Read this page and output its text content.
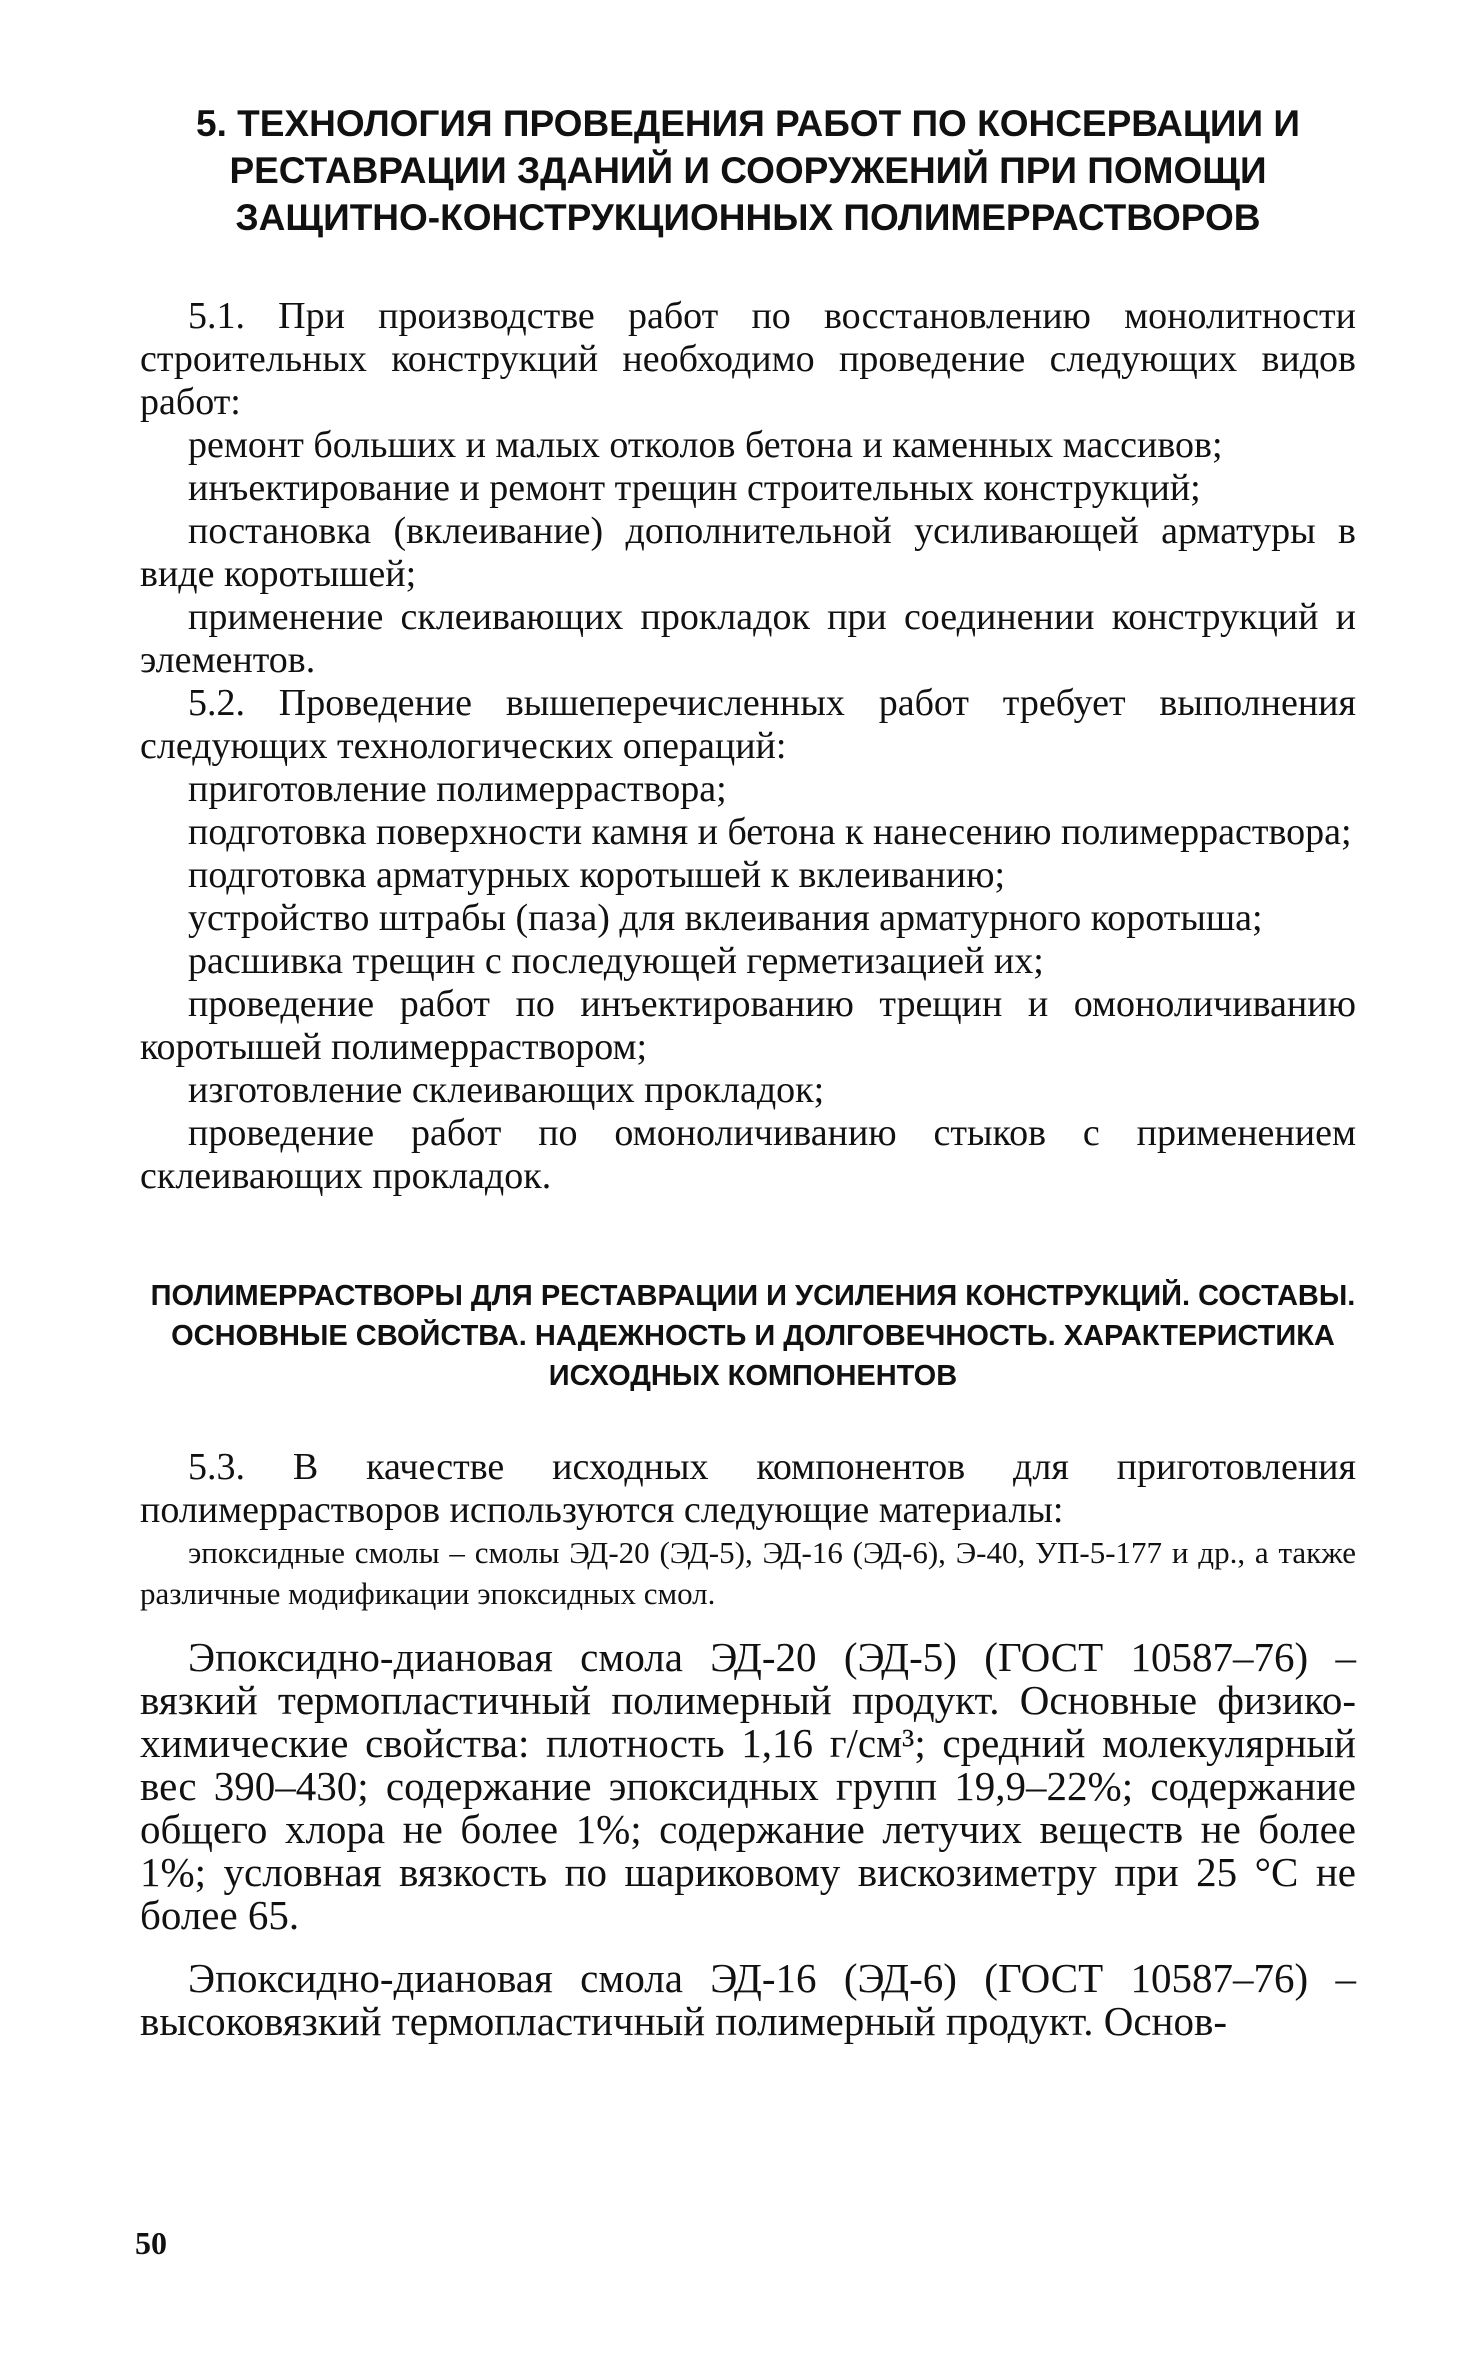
5. ТЕХНОЛОГИЯ ПРОВЕДЕНИЯ РАБОТ ПО КОНСЕРВАЦИИ И РЕСТАВРАЦИИ ЗДАНИЙ И СООРУЖЕНИЙ ПРИ ПОМОЩИ ЗАЩИТНО-КОНСТРУКЦИОННЫХ ПОЛИМЕРРАСТВОРОВ

5.1. При производстве работ по восстановлению монолитности строительных конструкций необходимо проведение следующих видов работ:

ремонт больших и малых отколов бетона и каменных массивов;

инъектирование и ремонт трещин строительных конструкций;

постановка (вклеивание) дополнительной усиливающей арматуры в виде коротышей;

применение склеивающих прокладок при соединении конструкций и элементов.

5.2. Проведение вышеперечисленных работ требует выполнения следующих технологических операций:

приготовление полимерраствора;

подготовка поверхности камня и бетона к нанесению полимерраствора;

подготовка арматурных коротышей к вклеиванию;

устройство штрабы (паза) для вклеивания арматурного коротыша;

расшивка трещин с последующей герметизацией их;

проведение работ по инъектированию трещин и омоноличиванию коротышей полимерраствором;

изготовление склеивающих прокладок;

проведение работ по омоноличиванию стыков с применением склеивающих прокладок.

ПОЛИМЕРРАСТВОРЫ ДЛЯ РЕСТАВРАЦИИ И УСИЛЕНИЯ КОНСТРУКЦИЙ. СОСТАВЫ. ОСНОВНЫЕ СВОЙСТВА. НАДЕЖНОСТЬ И ДОЛГОВЕЧНОСТЬ. ХАРАКТЕРИСТИКА ИСХОДНЫХ КОМПОНЕНТОВ

5.3. В качестве исходных компонентов для приготовления полимеррастворов используются следующие материалы:

эпоксидные смолы – смолы ЭД-20 (ЭД-5), ЭД-16 (ЭД-6), Э-40, УП-5-177 и др., а также различные модификации эпоксидных смол.

Эпоксидно-диановая смола ЭД-20 (ЭД-5) (ГОСТ 10587–76) – вязкий термопластичный полимерный продукт. Основные физико-химические свойства: плотность 1,16 г/см³; средний молекулярный вес 390–430; содержание эпоксидных групп 19,9–22%; содержание общего хлора не более 1%; содержание летучих веществ не более 1%; условная вязкость по шариковому вискозиметру при 25 °С не более 65.

Эпоксидно-диановая смола ЭД-16 (ЭД-6) (ГОСТ 10587–76) – высоковязкий термопластичный полимерный продукт. Основ-

50
